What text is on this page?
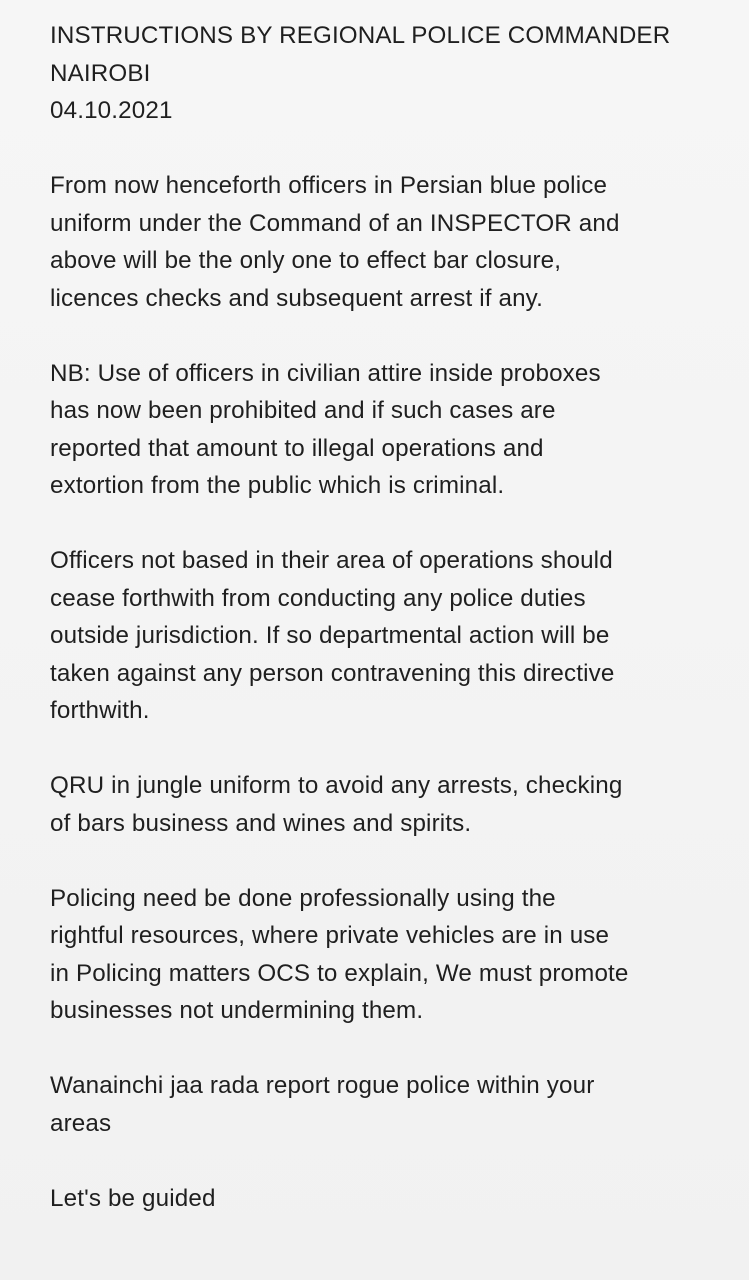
INSTRUCTIONS BY REGIONAL POLICE COMMANDER
NAIROBI
04.10.2021
From now henceforth officers in Persian blue police
uniform under the Command of an INSPECTOR and
above will be the only one to effect bar closure,
licences checks and subsequent arrest if any.
NB: Use of officers in civilian attire inside proboxes
has now been prohibited and if such cases are
reported that amount to illegal operations and
extortion from the public which is criminal.
Officers not based in their area of operations should
cease forthwith from conducting any police duties
outside jurisdiction. If so departmental action will be
taken against any person contravening this directive
forthwith.
QRU in jungle uniform to avoid any arrests, checking
of bars business and wines and spirits.
Policing need be done professionally using the
rightful resources, where private vehicles are in use
in Policing matters OCS to explain, We must promote
businesses not undermining them.
Wanainchi jaa rada report rogue police within your
areas
Let's be guided
